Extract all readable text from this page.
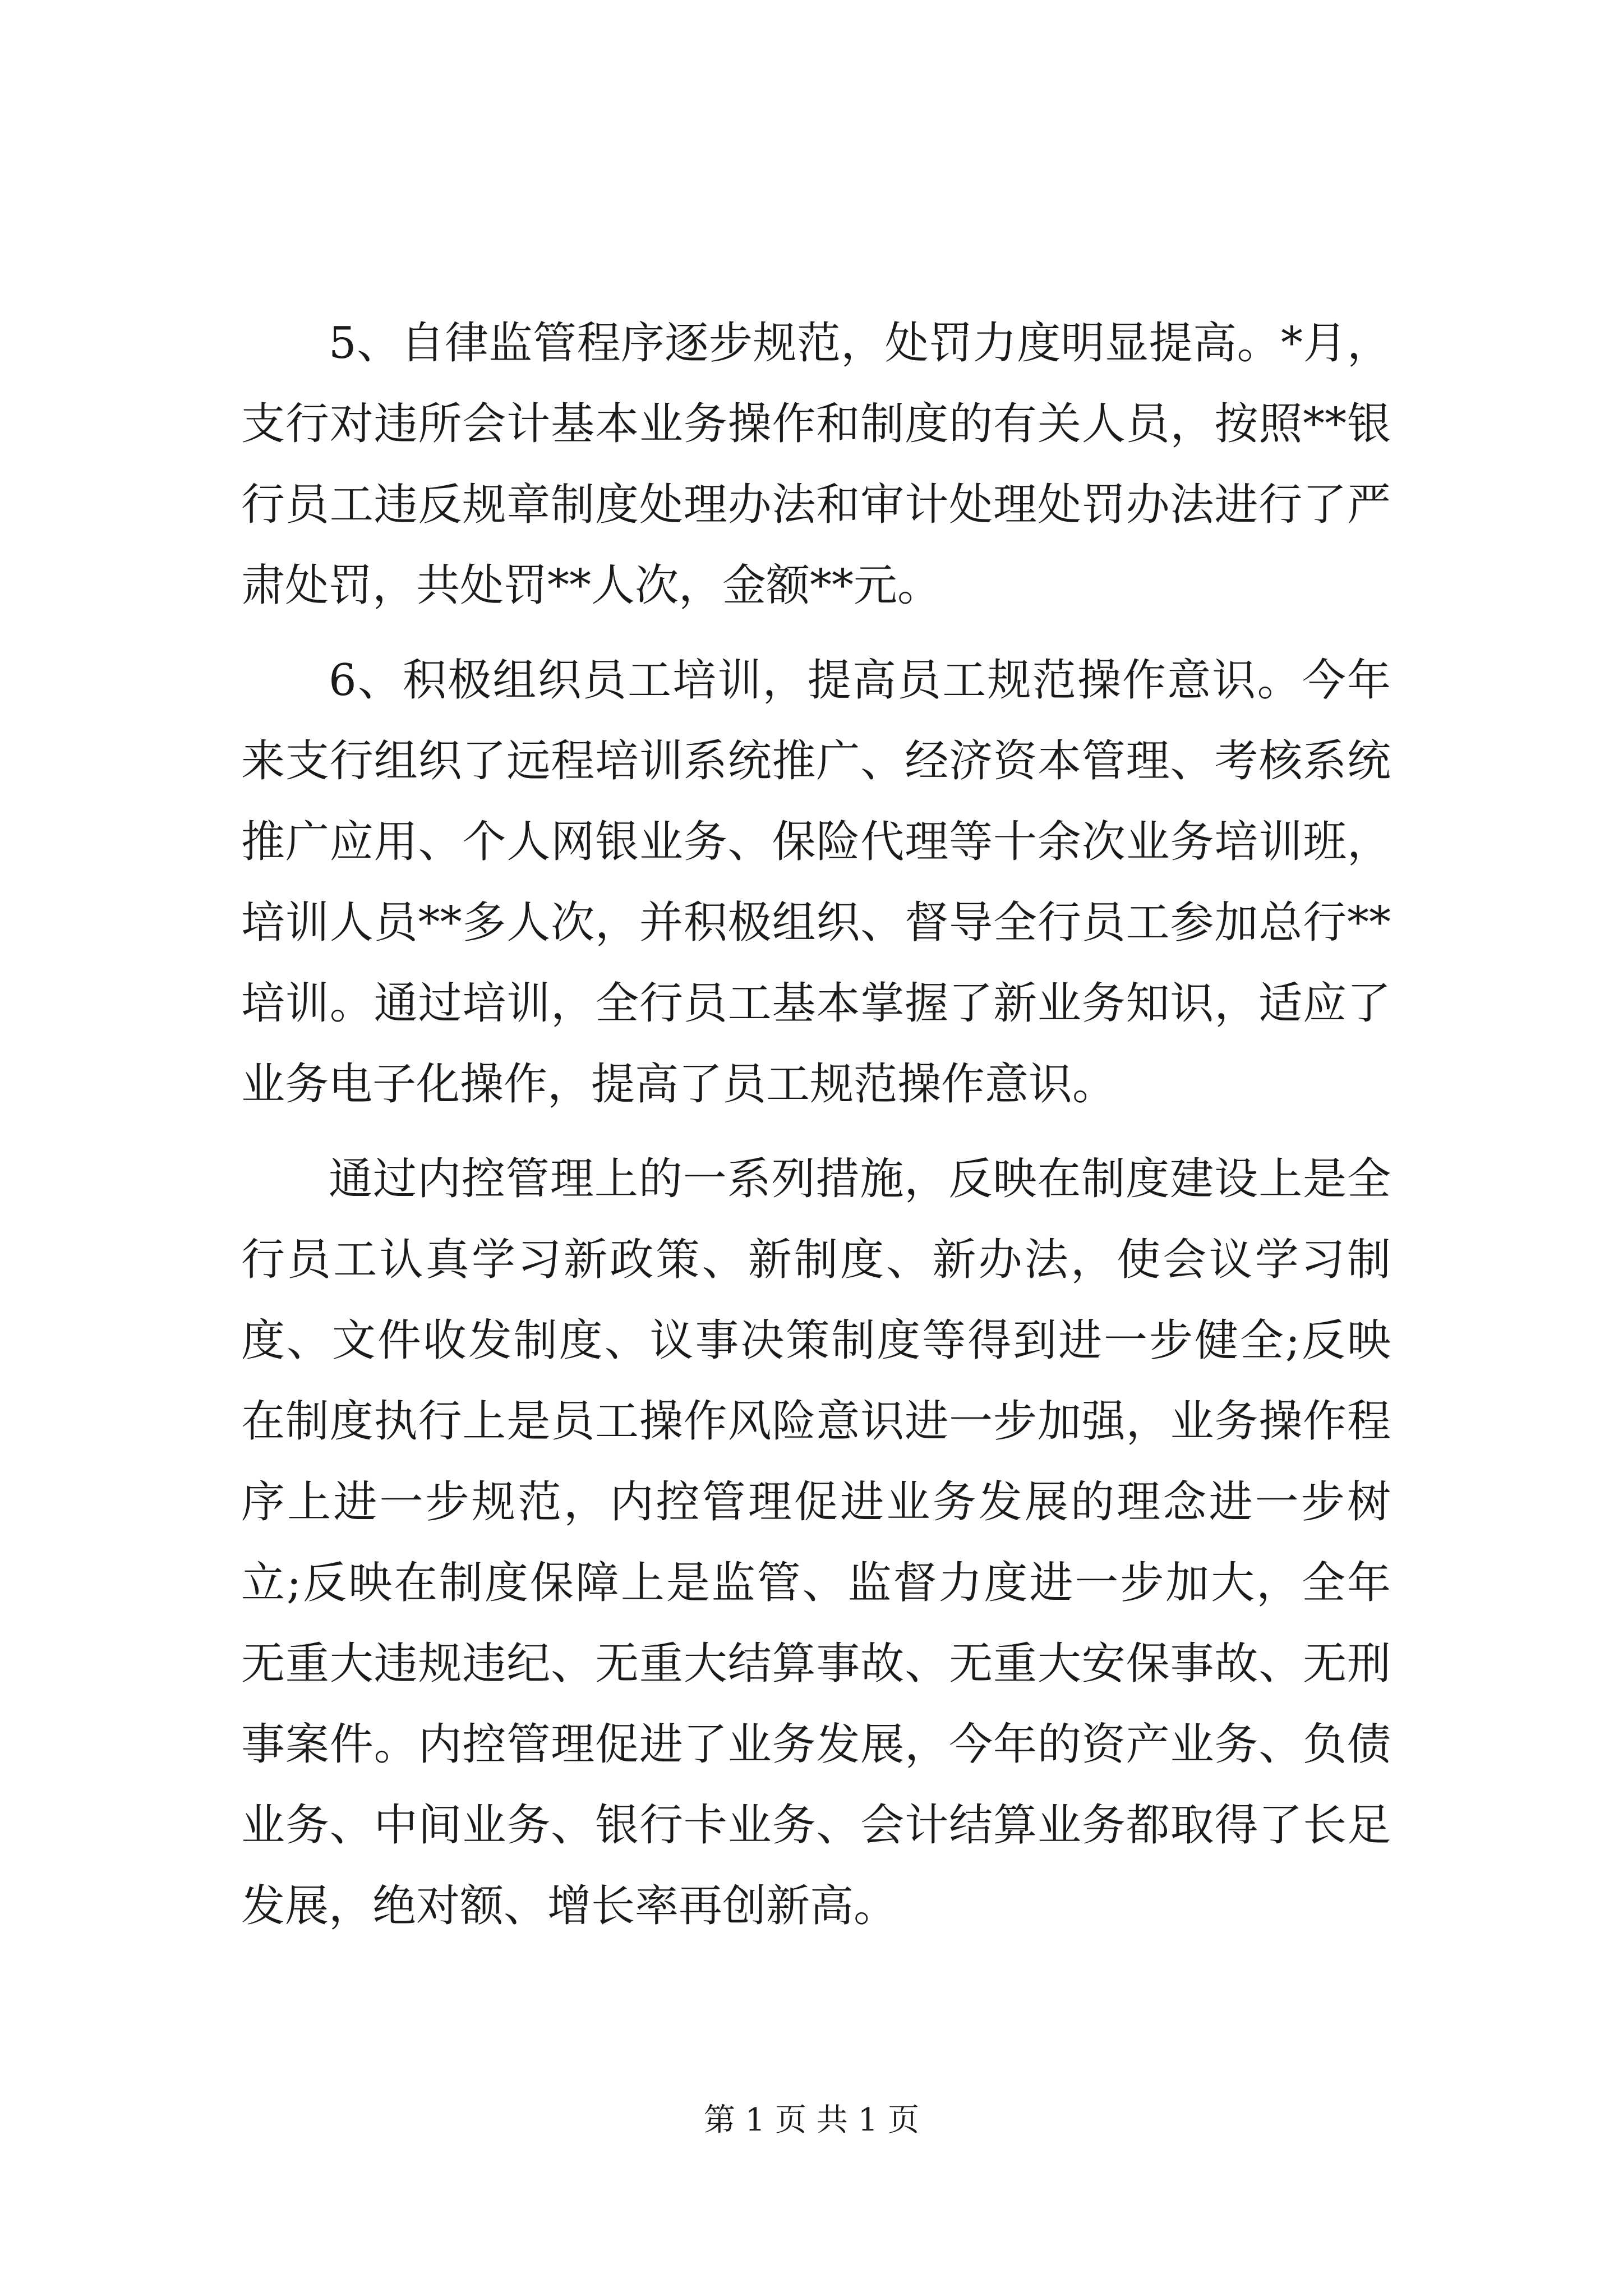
5、自律监管程序逐步规范，处罚力度明显提高。*月，支行对违所会计基本业务操作和制度的有关人员，按照**银行员工违反规章制度处理办法和审计处理处罚办法进行了严肃处罚，共处罚**人次，金额**元。

6、积极组织员工培训，提高员工规范操作意识。今年来支行组织了远程培训系统推广、经济资本管理、考核系统推广应用、个人网银业务、保险代理等十余次业务培训班，培训人员**多人次，并积极组织、督导全行员工参加总行**培训。通过培训，全行员工基本掌握了新业务知识，适应了业务电子化操作，提高了员工规范操作意识。

通过内控管理上的一系列措施，反映在制度建设上是全行员工认真学习新政策、新制度、新办法，使会议学习制度、文件收发制度、议事决策制度等得到进一步健全;反映在制度执行上是员工操作风险意识进一步加强，业务操作程序上进一步规范，内控管理促进业务发展的理念进一步树立;反映在制度保障上是监管、监督力度进一步加大，全年无重大违规违纪、无重大结算事故、无重大安保事故、无刑事案件。内控管理促进了业务发展，今年的资产业务、负债业务、中间业务、银行卡业务、会计结算业务都取得了长足发展，绝对额、增长率再创新高。

第 1 页 共 1 页
